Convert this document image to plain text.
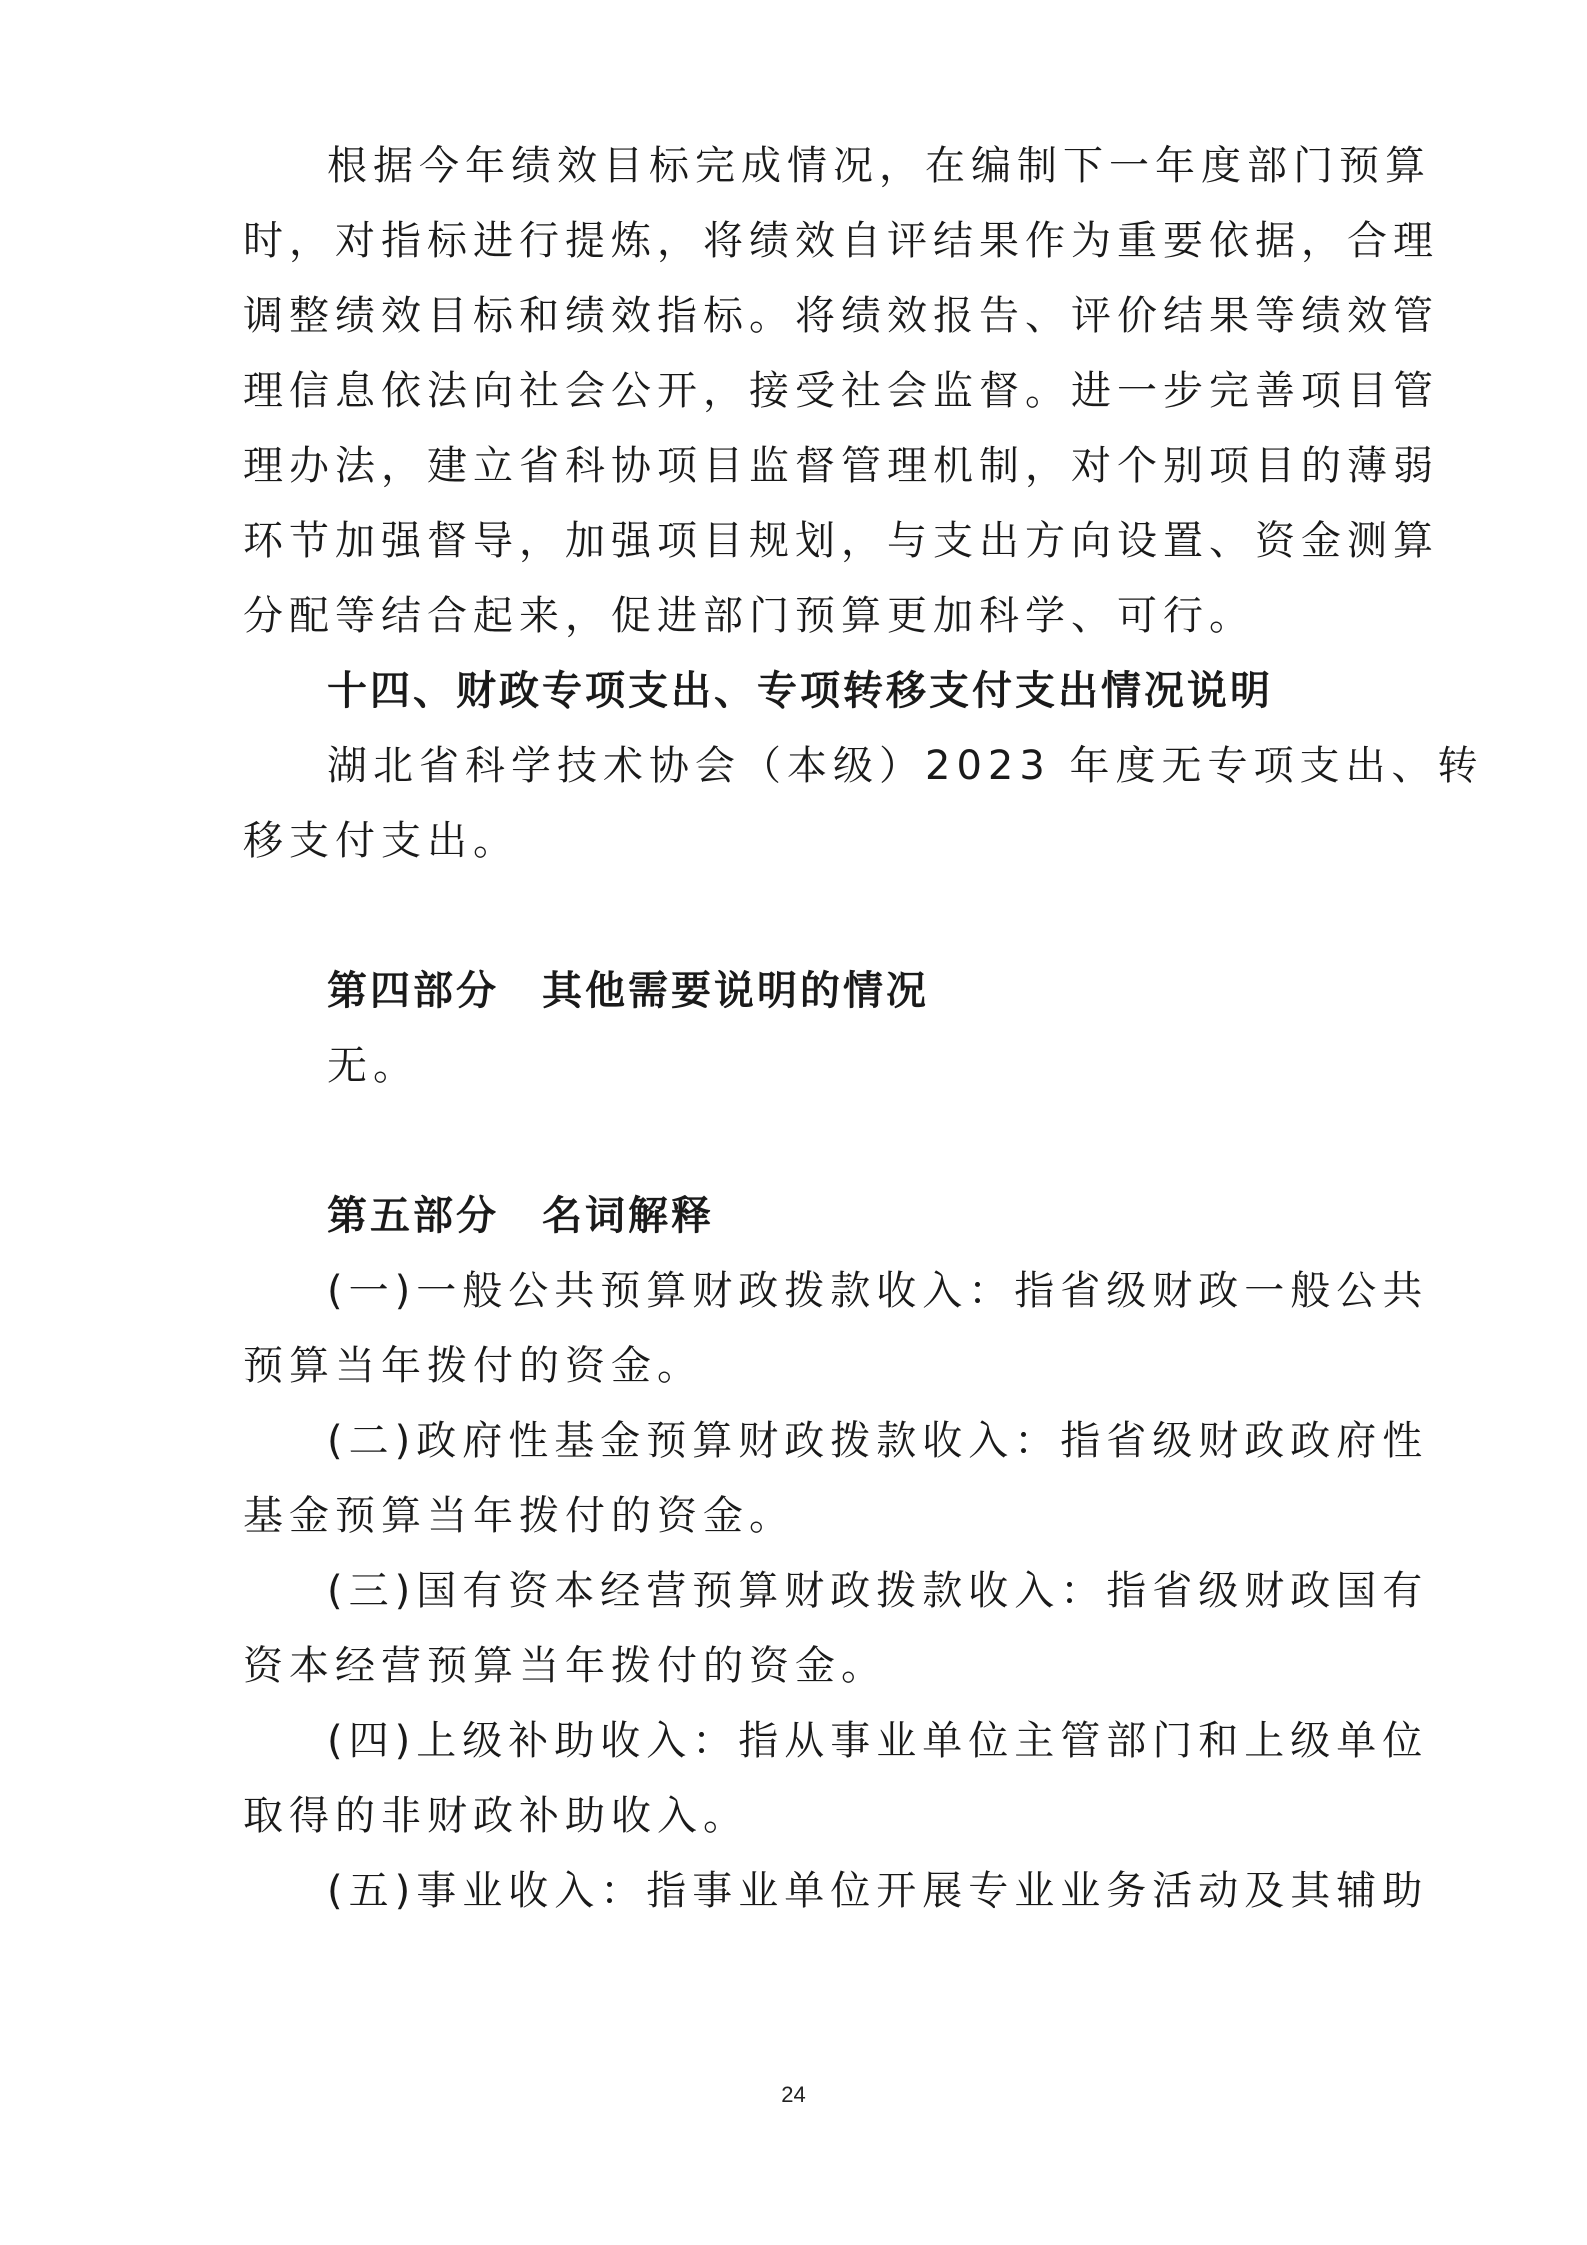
根据今年绩效目标完成情况，在编制下一年度部门预算
时，对指标进行提炼，将绩效自评结果作为重要依据，合理
调整绩效目标和绩效指标。将绩效报告、评价结果等绩效管
理信息依法向社会公开，接受社会监督。进一步完善项目管
理办法，建立省科协项目监督管理机制，对个别项目的薄弱
环节加强督导，加强项目规划，与支出方向设置、资金测算
分配等结合起来，促进部门预算更加科学、可行。
十四、财政专项支出、专项转移支付支出情况说明
湖北省科学技术协会（本级）2023 年度无专项支出、转
移支付支出。
第四部分　其他需要说明的情况
无。
第五部分　名词解释
(一)一般公共预算财政拨款收入：指省级财政一般公共
预算当年拨付的资金。
(二)政府性基金预算财政拨款收入：指省级财政政府性
基金预算当年拨付的资金。
(三)国有资本经营预算财政拨款收入：指省级财政国有
资本经营预算当年拨付的资金。
(四)上级补助收入：指从事业单位主管部门和上级单位
取得的非财政补助收入。
(五)事业收入：指事业单位开展专业业务活动及其辅助
24
